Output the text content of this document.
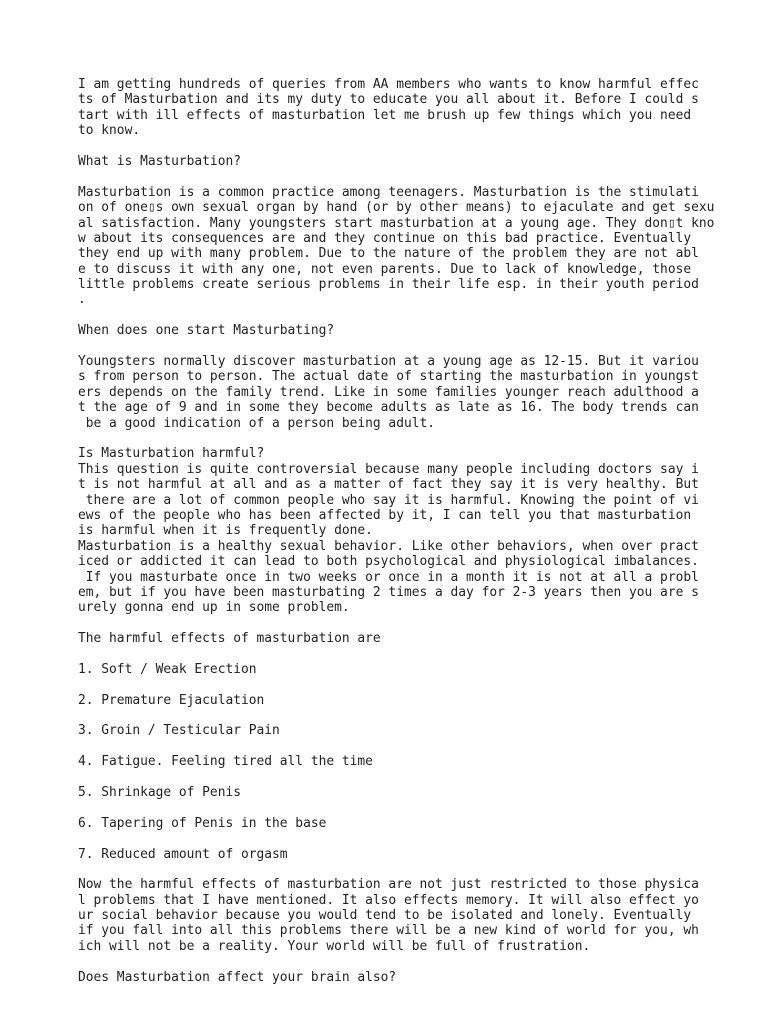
I am getting hundreds of queries from AA members who wants to know harmful effec
ts of Masturbation and its my duty to educate you all about it. Before I could s
tart with ill effects of masturbation let me brush up few things which you need
to know.
What is Masturbation?
Masturbation is a common practice among teenagers. Masturbation is the stimulati
on of one▯s own sexual organ by hand (or by other means) to ejaculate and get sexu
al satisfaction. Many youngsters start masturbation at a young age. They don▯t kno
w about its consequences are and they continue on this bad practice. Eventually
they end up with many problem. Due to the nature of the problem they are not abl
e to discuss it with any one, not even parents. Due to lack of knowledge, those
little problems create serious problems in their life esp. in their youth period
.
When does one start Masturbating?
Youngsters normally discover masturbation at a young age as 12-15. But it variou
s from person to person. The actual date of starting the masturbation in youngst
ers depends on the family trend. Like in some families younger reach adulthood a
t the age of 9 and in some they become adults as late as 16. The body trends can
be a good indication of a person being adult.
Is Masturbation harmful?
This question is quite controversial because many people including doctors say i
t is not harmful at all and as a matter of fact they say it is very healthy. But
there are a lot of common people who say it is harmful. Knowing the point of vi
ews of the people who has been affected by it, I can tell you that masturbation
is harmful when it is frequently done.
Masturbation is a healthy sexual behavior. Like other behaviors, when over pract
iced or addicted it can lead to both psychological and physiological imbalances.
If you masturbate once in two weeks or once in a month it is not at all a probl
em, but if you have been masturbating 2 times a day for 2-3 years then you are s
urely gonna end up in some problem.
The harmful effects of masturbation are
1. Soft / Weak Erection
2. Premature Ejaculation
3. Groin / Testicular Pain
4. Fatigue. Feeling tired all the time
5. Shrinkage of Penis
6. Tapering of Penis in the base
7. Reduced amount of orgasm
Now the harmful effects of masturbation are not just restricted to those physica
l problems that I have mentioned. It also effects memory. It will also effect yo
ur social behavior because you would tend to be isolated and lonely. Eventually
if you fall into all this problems there will be a new kind of world for you, wh
ich will not be a reality. Your world will be full of frustration.
Does Masturbation affect your brain also?
